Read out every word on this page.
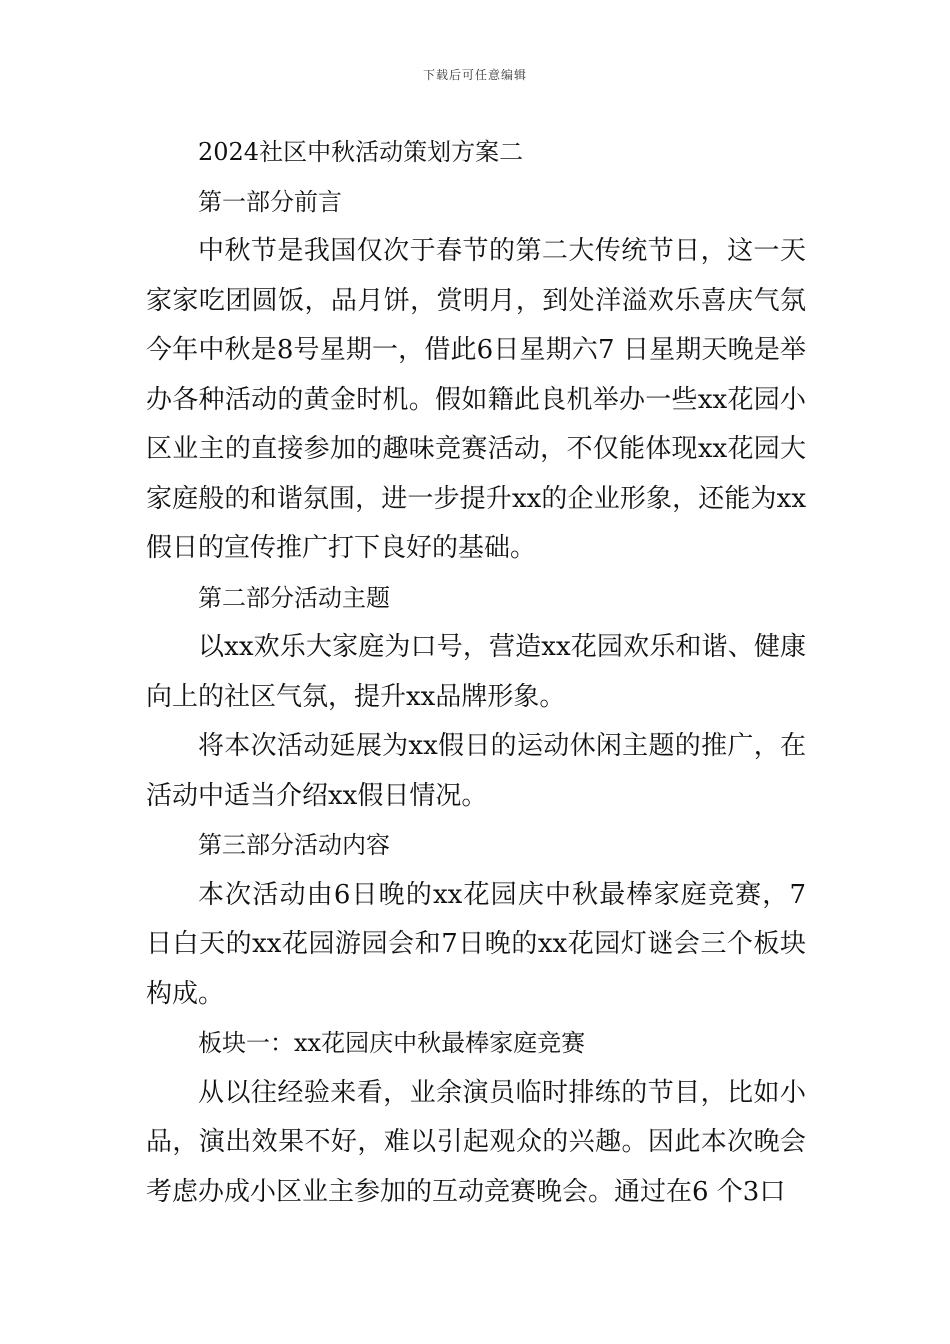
下载后可任意编辑

2024社区中秋活动策划方案二

第一部分前言

中秋节是我国仅次于春节的第二大传统节日，这一天家家吃团圆饭，品月饼，赏明月，到处洋溢欢乐喜庆气氛今年中秋是8号星期一，借此6日星期六7 日星期天晚是举办各种活动的黄金时机。假如籍此良机举办一些xx花园小区业主的直接参加的趣味竞赛活动，不仅能体现xx花园大家庭般的和谐氛围，进一步提升xx的企业形象，还能为xx假日的宣传推广打下良好的基础。

第二部分活动主题

以xx欢乐大家庭为口号，营造xx花园欢乐和谐、健康向上的社区气氛，提升xx品牌形象。

将本次活动延展为xx假日的运动休闲主题的推广，在活动中适当介绍xx假日情况。

第三部分活动内容

本次活动由6日晚的xx花园庆中秋最棒家庭竞赛，7日白天的xx花园游园会和7日晚的xx花园灯谜会三个板块构成。

板块一：xx花园庆中秋最棒家庭竞赛

从以往经验来看，业余演员临时排练的节目，比如小品，演出效果不好，难以引起观众的兴趣。因此本次晚会考虑办成小区业主参加的互动竞赛晚会。通过在6 个3口
